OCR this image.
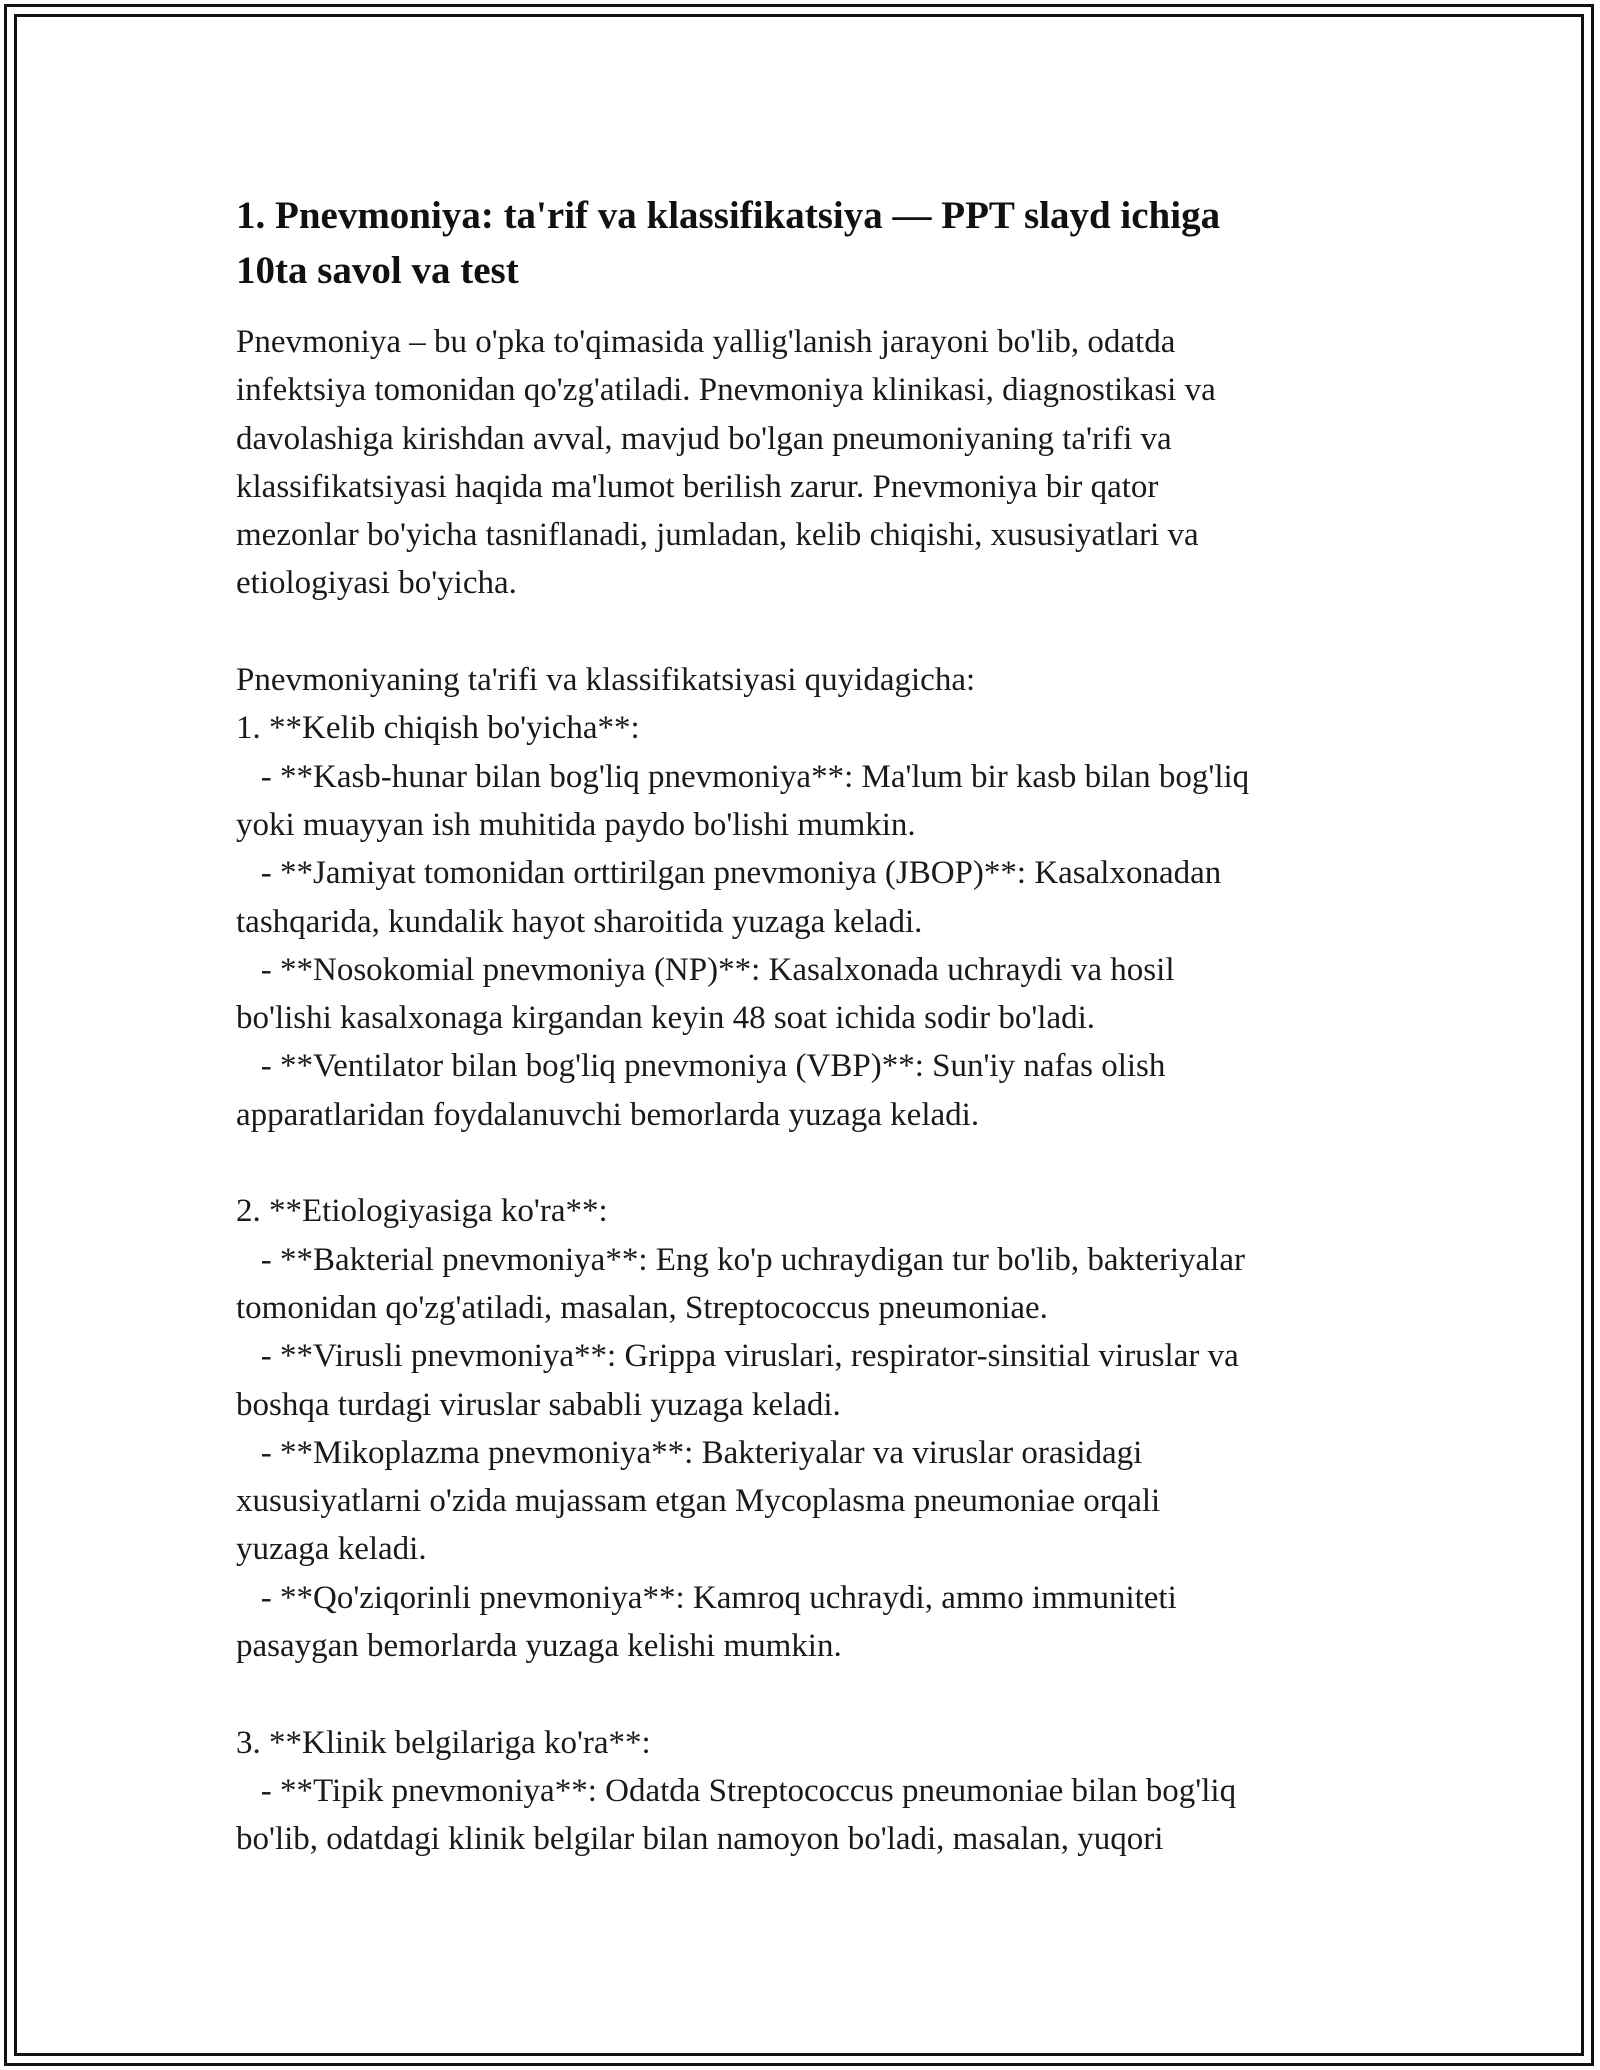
1. Pnevmoniya: ta'rif va klassifikatsiya — PPT slayd ichiga
10ta savol va test
Pnevmoniya – bu o'pka to'qimasida yallig'lanish jarayoni bo'lib, odatda
infektsiya tomonidan qo'zg'atiladi. Pnevmoniya klinikasi, diagnostikasi va
davolashiga kirishdan avval, mavjud bo'lgan pneumoniyaning ta'rifi va
klassifikatsiyasi haqida ma'lumot berilish zarur. Pnevmoniya bir qator
mezonlar bo'yicha tasniflanadi, jumladan, kelib chiqishi, xususiyatlari va
etiologiyasi bo'yicha.
Pnevmoniyaning ta'rifi va klassifikatsiyasi quyidagicha:
1. **Kelib chiqish bo'yicha**:
- **Kasb-hunar bilan bog'liq pnevmoniya**: Ma'lum bir kasb bilan bog'liq
yoki muayyan ish muhitida paydo bo'lishi mumkin.
- **Jamiyat tomonidan orttirilgan pnevmoniya (JBOP)**: Kasalxonadan
tashqarida, kundalik hayot sharoitida yuzaga keladi.
- **Nosokomial pnevmoniya (NP)**: Kasalxonada uchraydi va hosil
bo'lishi kasalxonaga kirgandan keyin 48 soat ichida sodir bo'ladi.
- **Ventilator bilan bog'liq pnevmoniya (VBP)**: Sun'iy nafas olish
apparatlaridan foydalanuvchi bemorlarda yuzaga keladi.
2. **Etiologiyasiga ko'ra**:
- **Bakterial pnevmoniya**: Eng ko'p uchraydigan tur bo'lib, bakteriyalar
tomonidan qo'zg'atiladi, masalan, Streptococcus pneumoniae.
- **Virusli pnevmoniya**: Grippa viruslari, respirator-sinsitial viruslar va
boshqa turdagi viruslar sababli yuzaga keladi.
- **Mikoplazma pnevmoniya**: Bakteriyalar va viruslar orasidagi
xususiyatlarni o'zida mujassam etgan Mycoplasma pneumoniae orqali
yuzaga keladi.
- **Qo'ziqorinli pnevmoniya**: Kamroq uchraydi, ammo immuniteti
pasaygan bemorlarda yuzaga kelishi mumkin.
3. **Klinik belgilariga ko'ra**:
- **Tipik pnevmoniya**: Odatda Streptococcus pneumoniae bilan bog'liq
bo'lib, odatdagi klinik belgilar bilan namoyon bo'ladi, masalan, yuqori
